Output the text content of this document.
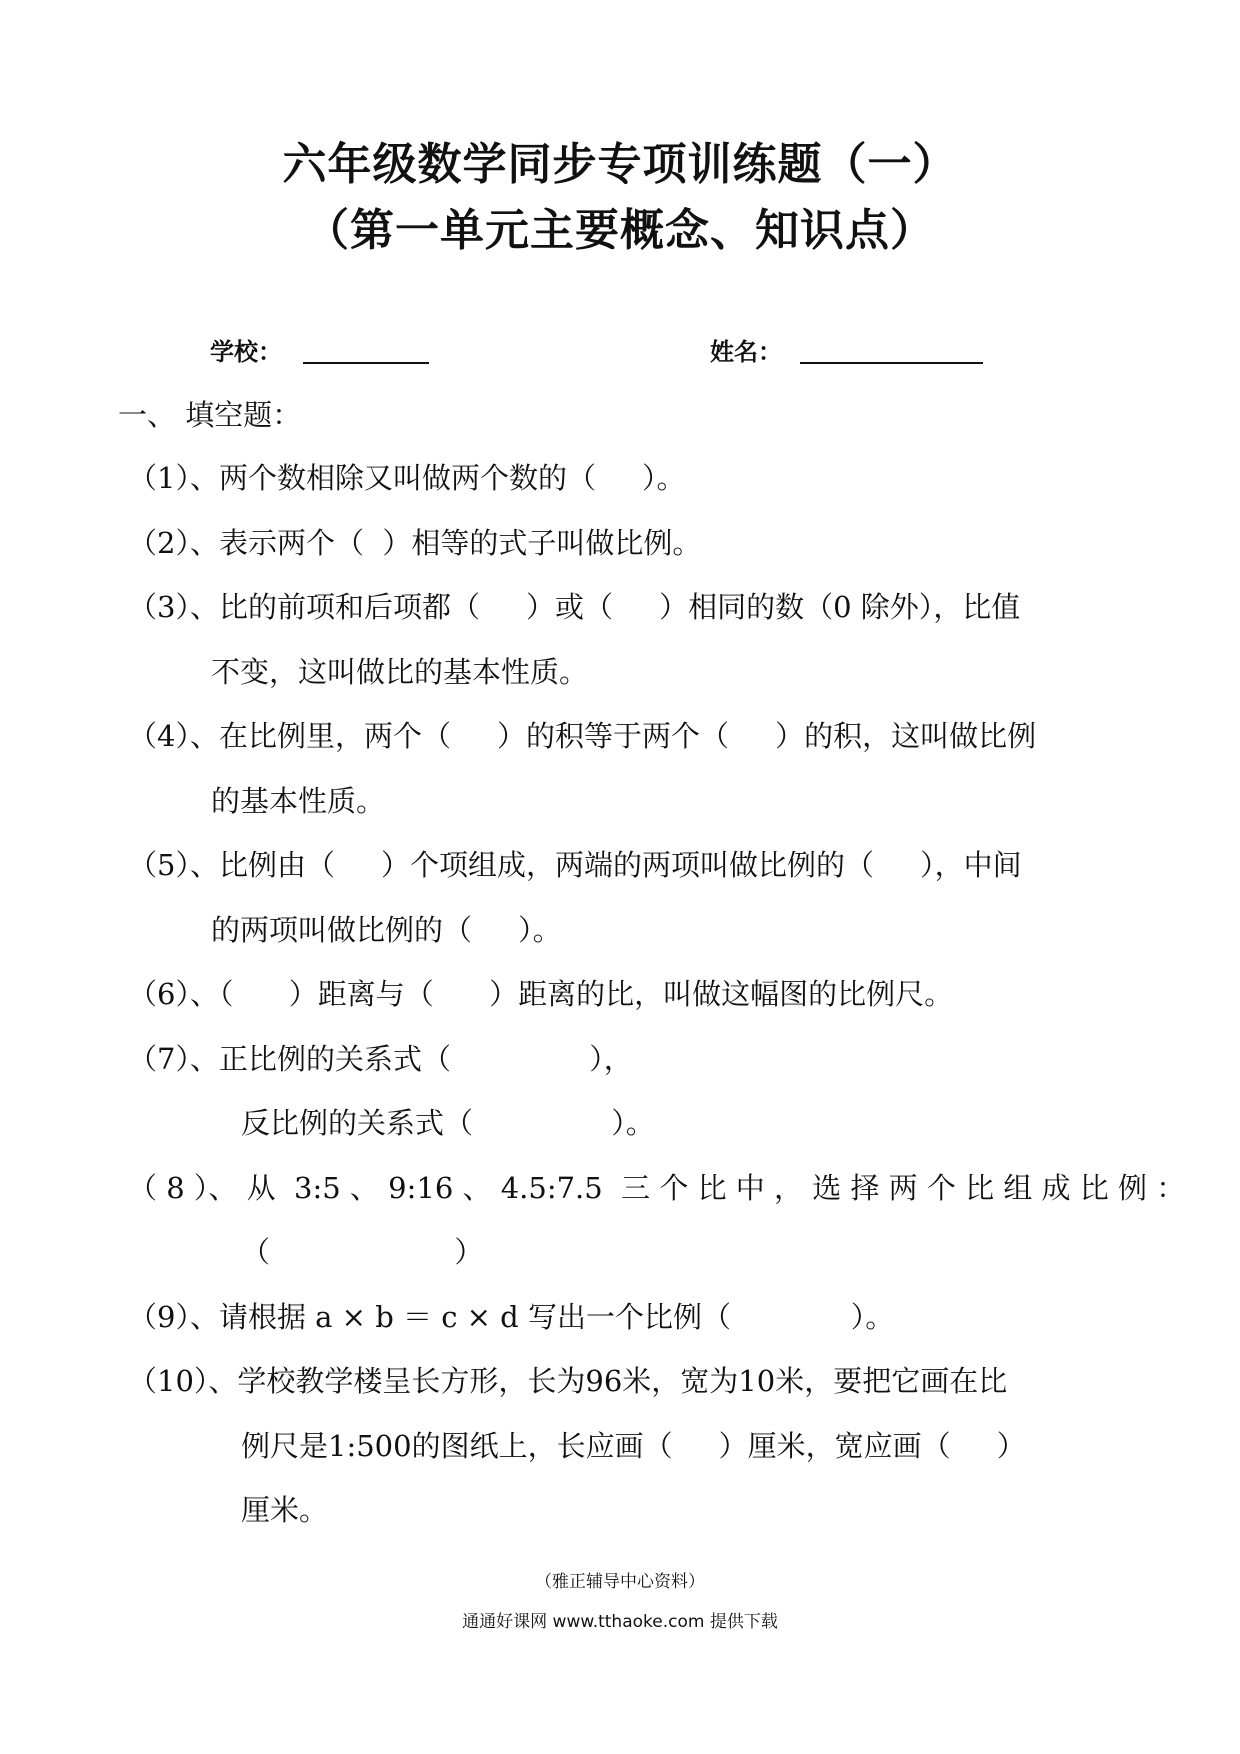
六年级数学同步专项训练题（一）
（第一单元主要概念、知识点）
学校：	姓名：
一、 填空题：
（1）、两个数相除又叫做两个数的（     ）。
（2）、表示两个（  ）相等的式子叫做比例。
（3）、比的前项和后项都（     ）或（     ）相同的数（0 除外），比值
不变，这叫做比的基本性质。
（4）、在比例里，两个（     ）的积等于两个（     ）的积，这叫做比例
的基本性质。
（5）、比例由（     ）个项组成，两端的两项叫做比例的（     ），中间
的两项叫做比例的（     ）。
（6）、（      ）距离与（      ）距离的比，叫做这幅图的比例尺。
（7）、正比例的关系式（               ），
反比例的关系式（               ）。
（ 8 ）、 从  3:5 、 9:16 、 4.5:7.5  三 个 比 中 ， 选 择 两 个 比 组 成 比 例 ：
（                    ）
（9）、请根据 a × b ＝ c × d 写出一个比例（             ）。
（10）、学校教学楼呈长方形，长为96米，宽为10米，要把它画在比
例尺是1:500的图纸上，长应画（     ）厘米，宽应画（     ）
厘米。
（雅正辅导中心资料）
通通好课网 www.tthaoke.com 提供下载
